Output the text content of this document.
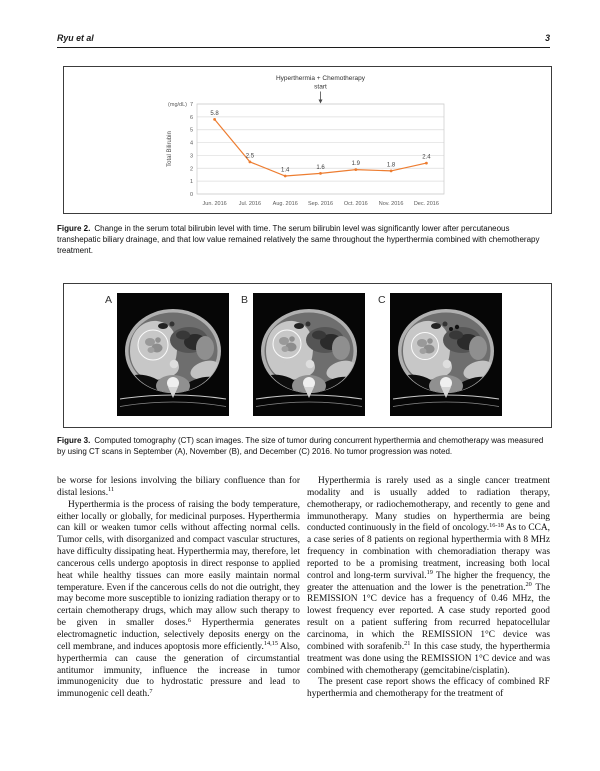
Ryu et al	3
0
1
2
3
4
5
6
7
(mg/dL)
Total Bilirubin
Jun. 2016 Jul. 2016 Aug. 2016 Sep. 2016 Oct. 2016 Nov. 2016 Dec. 2016
5.8
2.5
1.4	1.6
1.9	1.8
2.4
Hyperthermia + Chemotherapy
start

Figure 2. Change in the serum total bilirubin level with time. The serum bilirubin level was significantly lower after percutaneous transhepatic biliary drainage, and that low value remained relatively the same throughout the hyperthermia combined with chemotherapy treatment.

A	B	C

Figure 3. Computed tomography (CT) scan images. The size of tumor during concurrent hyperthermia and chemotherapy was measured by using CT scans in September (A), November (B), and December (C) 2016. No tumor progression was noted.

be worse for lesions involving the biliary confluence than for distal lesions.$^{11}$

Hyperthermia is the process of raising the body temperature, either locally or globally, for medicinal purposes. Hyperthermia can kill or weaken tumor cells without affecting normal cells. Tumor cells, with disorganized and compact vascular structures, have difficulty dissipating heat. Hyperthermia may, therefore, let cancerous cells undergo apoptosis in direct response to applied heat while healthy tissues can more easily maintain normal temperature. Even if the cancerous cells do not die outright, they may become more susceptible to ionizing radiation therapy or to certain chemotherapy drugs, which may allow such therapy to be given in smaller doses.$^6$ Hyperthermia generates electromagnetic induction, selectively deposits energy on the cell membrane, and induces apoptosis more efficiently.$^{14,15}$ Also, hyperthermia can cause the generation of circumstantial antitumor immunity, influence the increase in tumor immunogenicity due to hydrostatic pressure and lead to immunogenic cell death.$^7$

Hyperthermia is rarely used as a single cancer treatment modality and is usually added to radiation therapy, chemotherapy, or radiochemotherapy, and recently to gene and immunotherapy. Many studies on hyperthermia are being conducted continuously in the field of oncology.$^{16-18}$ As to CCA, a case series of 8 patients on regional hyperthermia with 8 MHz frequency in combination with chemoradiation therapy was reported to be a promising treatment, increasing both local control and long-term survival.$^{19}$ The higher the frequency, the greater the attenuation and the lower is the penetration.$^{20}$ The REMISSION 1°C device has a frequency of 0.46 MHz, the lowest frequency ever reported. A case study reported good result on a patient suffering from recurred hepatocellular carcinoma, in which the REMISSION 1°C device was combined with sorafenib.$^{21}$ In this case study, the hyperthermia treatment was done using the REMISSION 1°C device and was combined with chemotherapy (gemcitabine/cisplatin).

The present case report shows the efficacy of combined RF hyperthermia and chemotherapy for the treatment of
